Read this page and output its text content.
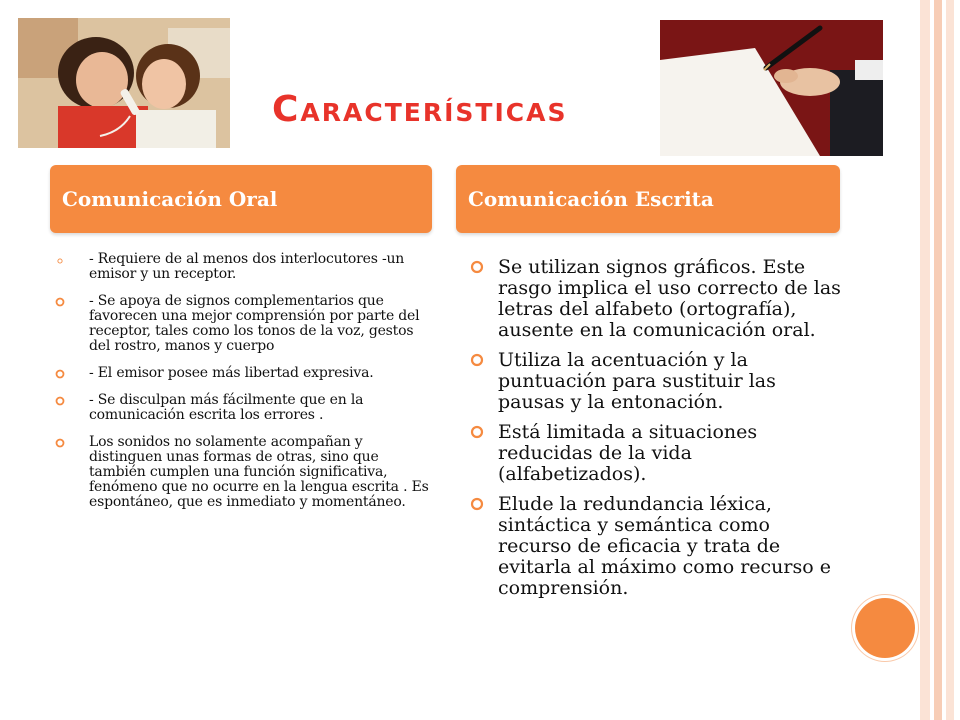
Características
Comunicación Oral	Comunicación Escrita
- Requiere de al menos dos interlocutores -un emisor y un receptor.
- Se apoya de signos complementarios que favorecen una mejor comprensión por parte del receptor, tales como los tonos de la voz, gestos del rostro, manos y cuerpo
- El emisor posee más libertad expresiva.
- Se disculpan más fácilmente que en la comunicación escrita los errores .
Los sonidos no solamente acompañan y distinguen unas formas de otras, sino que también cumplen una función significativa, fenómeno que no ocurre en la lengua escrita . Es espontáneo, que es inmediato y momentáneo.
Se utilizan signos gráficos. Este rasgo implica el uso correcto de las letras del alfabeto (ortografía), ausente en la comunicación oral.
Utiliza la acentuación y la puntuación para sustituir las pausas y la entonación.
Está limitada a situaciones reducidas de la vida (alfabetizados).
Elude la redundancia léxica, sintáctica y semántica como recurso de eficacia y trata de evitarla al máximo como recurso e comprensión.
